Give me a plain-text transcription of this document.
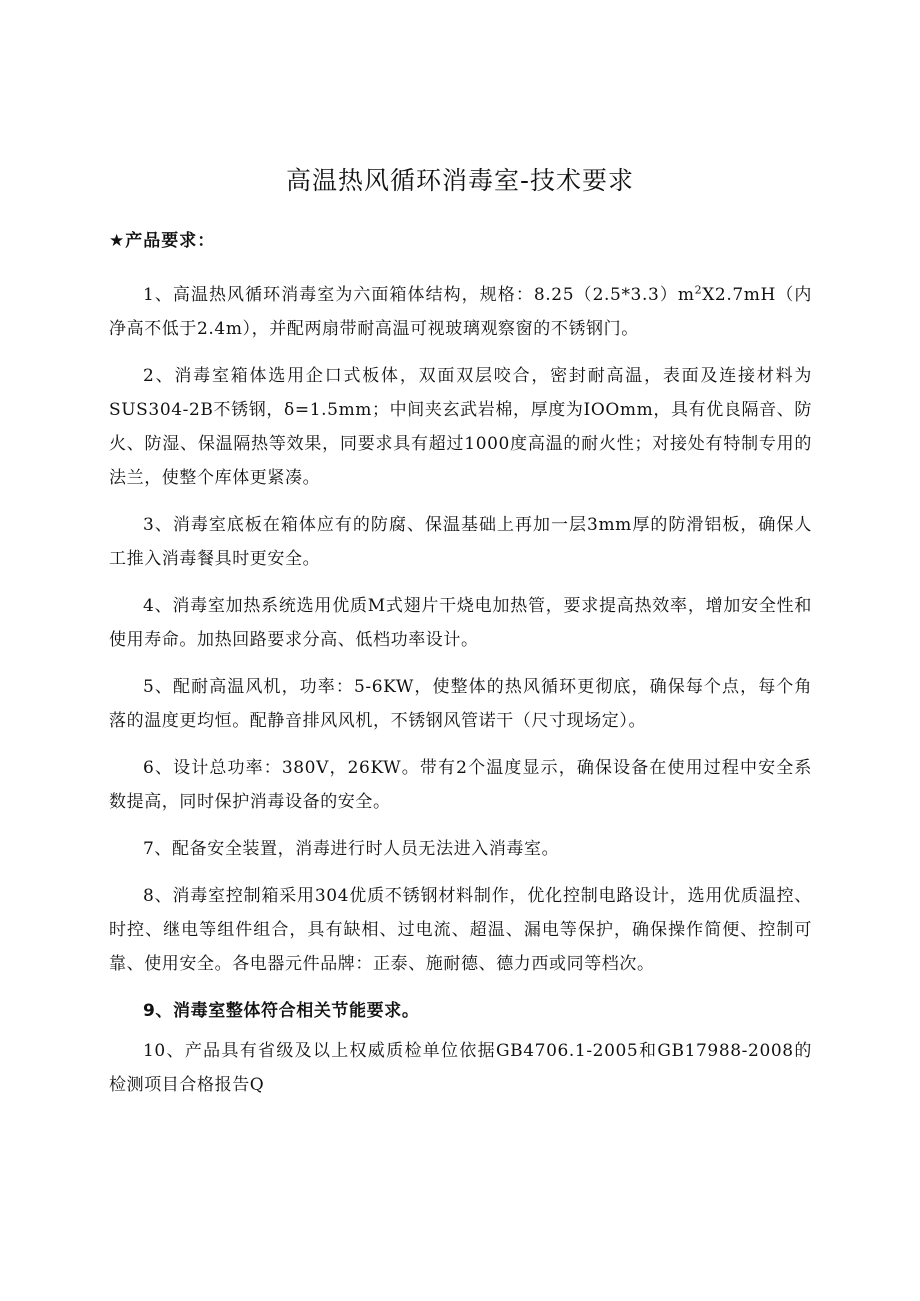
高温热风循环消毒室-技术要求
★产品要求：

1、高温热风循环消毒室为六面箱体结构，规格：$8.25(2.5*3.3)m^2X2.7mH$（内净高不低于2.4m），并配两扇带耐高温可视玻璃观察窗的不锈钢门。

2、消毒室箱体选用企口式板体，双面双层咬合，密封耐高温，表面及连接材料为SUS304-2B不锈钢，δ=1.5mm；中间夹玄武岩棉，厚度为IOOmm，具有优良隔音、防火、防湿、保温隔热等效果，同要求具有超过1000度高温的耐火性；对接处有特制专用的法兰，使整个库体更紧凑。

3、消毒室底板在箱体应有的防腐、保温基础上再加一层3mm厚的防滑铝板，确保人工推入消毒餐具时更安全。

4、消毒室加热系统选用优质M式翅片干烧电加热管，要求提高热效率，增加安全性和使用寿命。加热回路要求分高、低档功率设计。

5、配耐高温风机，功率：5-6KW，使整体的热风循环更彻底，确保每个点，每个角落的温度更均恒。配静音排风风机，不锈钢风管诺干（尺寸现场定）。

6、设计总功率：380V，26KW。带有2个温度显示，确保设备在使用过程中安全系数提高，同时保护消毒设备的安全。

7、配备安全装置，消毒进行时人员无法进入消毒室。

8、消毒室控制箱采用304优质不锈钢材料制作，优化控制电路设计，选用优质温控、时控、继电等组件组合，具有缺相、过电流、超温、漏电等保护，确保操作简便、控制可靠、使用安全。各电器元件品牌：正泰、施耐德、德力西或同等档次。

9、消毒室整体符合相关节能要求。

10、产品具有省级及以上权威质检单位依据GB4706.1-2005和GB17988-2008的检测项目合格报告Q
